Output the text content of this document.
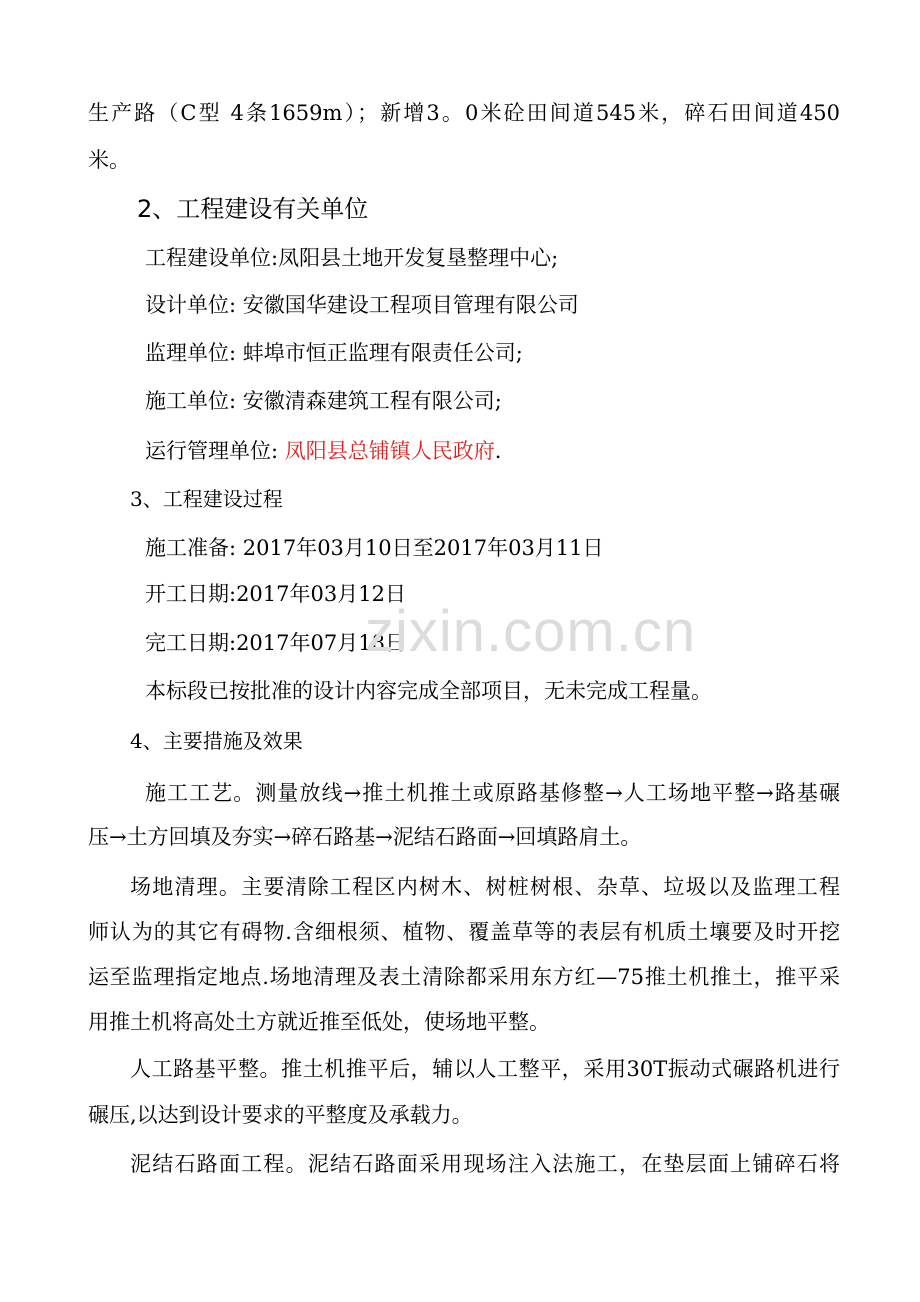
生产路（C型 4条1659m）；新增3。0米砼田间道545米，碎石田间道450
米。
2、工程建设有关单位
工程建设单位:凤阳县土地开发复垦整理中心;
设计单位: 安徽国华建设工程项目管理有限公司
监理单位: 蚌埠市恒正监理有限责任公司;
施工单位: 安徽清森建筑工程有限公司;
运行管理单位: 凤阳县总铺镇人民政府.
3、工程建设过程
施工准备: 2017年03月10日至2017年03月11日
开工日期:2017年03月12日
完工日期:2017年07月18日
本标段已按批准的设计内容完成全部项目，无未完成工程量。
4、主要措施及效果
施工工艺。测量放线→推土机推土或原路基修整→人工场地平整→路基碾
压→土方回填及夯实→碎石路基→泥结石路面→回填路肩土。
场地清理。主要清除工程区内树木、树桩树根、杂草、垃圾以及监理工程
师认为的其它有碍物.含细根须、植物、覆盖草等的表层有机质土壤要及时开挖
运至监理指定地点.场地清理及表土清除都采用东方红—75推土机推土，推平采
用推土机将高处土方就近推至低处，使场地平整。
人工路基平整。推土机推平后，辅以人工整平，采用30T振动式碾路机进行
碾压,以达到设计要求的平整度及承载力。
泥结石路面工程。泥结石路面采用现场注入法施工，在垫层面上铺碎石将
zixin.com.cn
